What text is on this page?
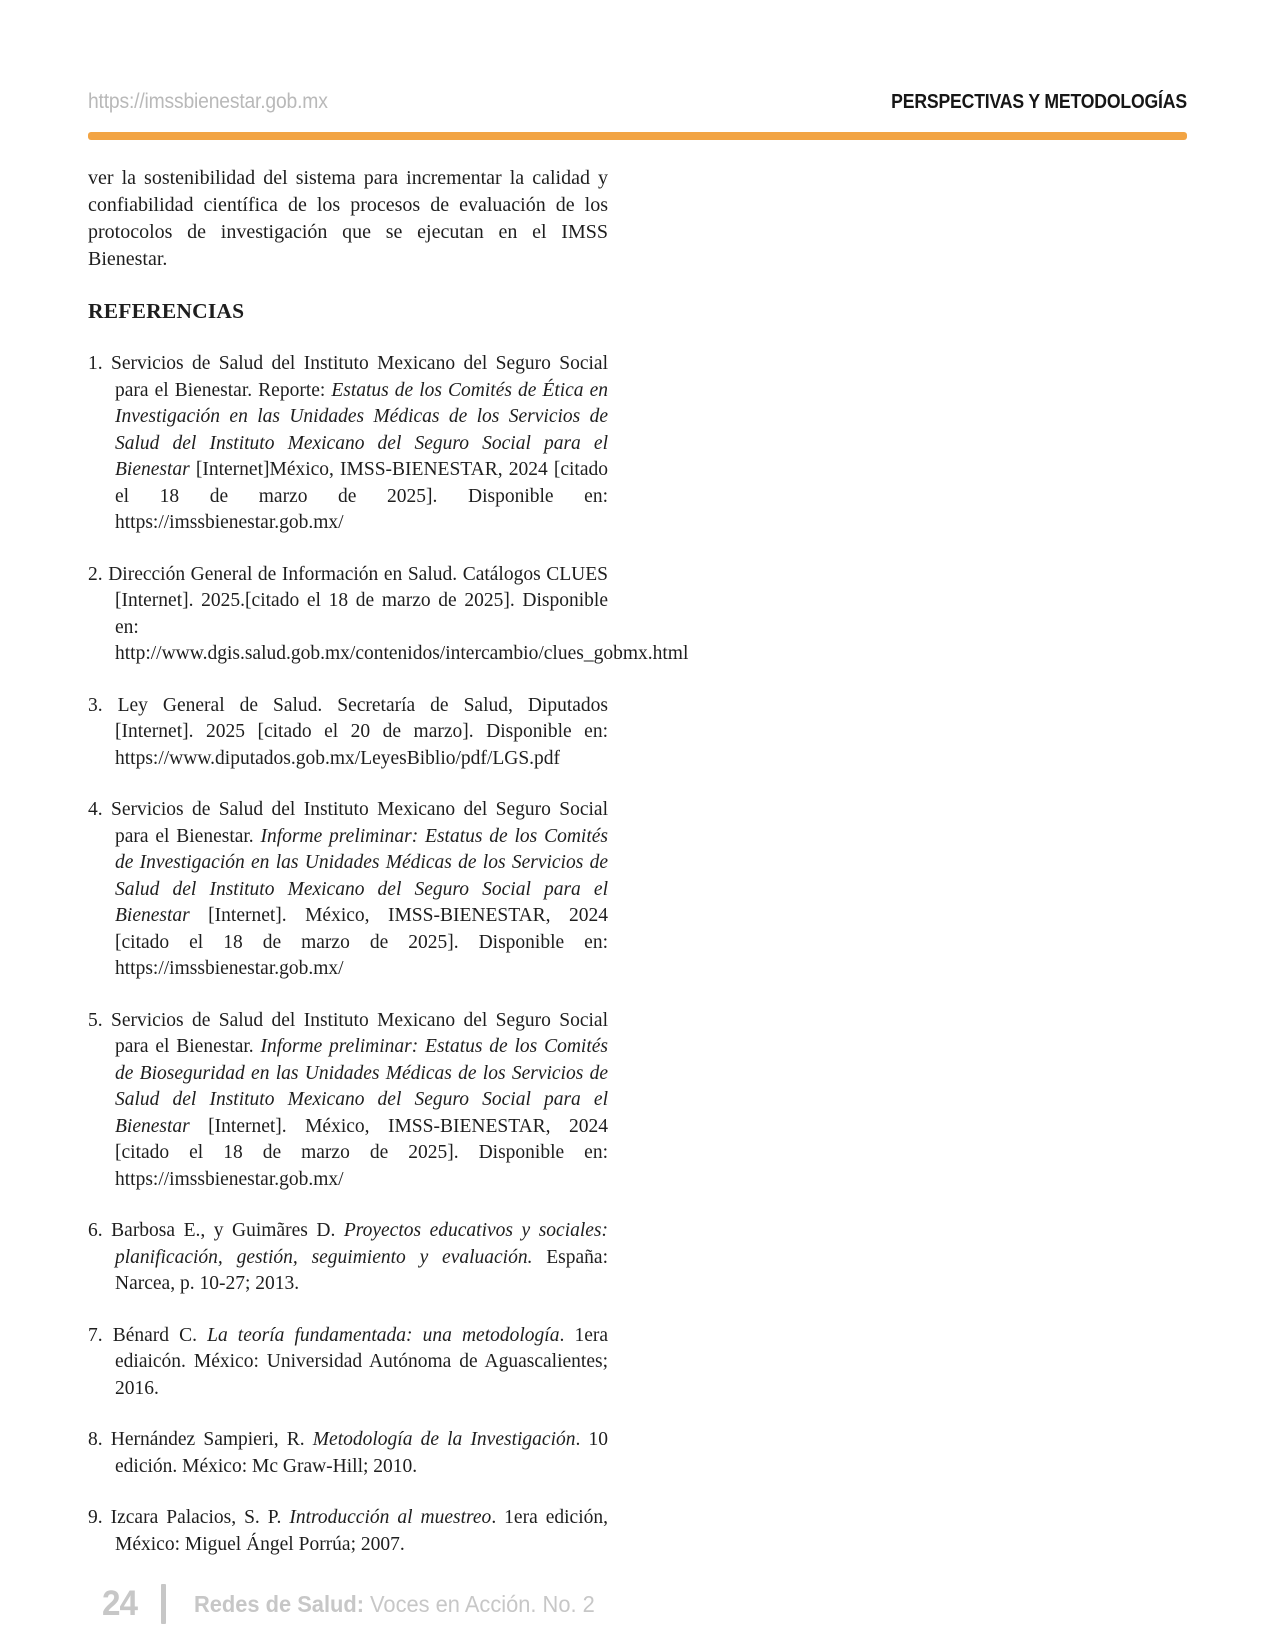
https://imssbienestar.gob.mx	PERSPECTIVAS Y METODOLOGÍAS

ver la sostenibilidad del sistema para incrementar la calidad y confiabilidad científica de los procesos de evaluación de los protocolos de investigación que se ejecutan en el IMSS Bienestar.

REFERENCIAS
1. Servicios de Salud del Instituto Mexicano del Seguro Social para el Bienestar. Reporte: Estatus de los Comités de Ética en Investigación en las Unidades Médicas de los Servicios de Salud del Instituto Mexicano del Seguro Social para el Bienestar [Internet]México, IMSS-BIENESTAR, 2024 [citado el 18 de marzo de 2025]. Disponible en: https://imssbienestar.gob.mx/
2. Dirección General de Información en Salud. Catálogos CLUES [Internet]. 2025.[citado el 18 de marzo de 2025]. Disponible en: http://www.dgis.salud.gob.mx/contenidos/intercambio/clues_gobmx.html
3. Ley General de Salud. Secretaría de Salud, Diputados [Internet]. 2025 [citado el 20 de marzo]. Disponible en: https://www.diputados.gob.mx/LeyesBiblio/pdf/LGS.pdf
4. Servicios de Salud del Instituto Mexicano del Seguro Social para el Bienestar. Informe preliminar: Estatus de los Comités de Investigación en las Unidades Médicas de los Servicios de Salud del Instituto Mexicano del Seguro Social para el Bienestar [Internet]. México, IMSS-BIENESTAR, 2024 [citado el 18 de marzo de 2025]. Disponible en: https://imssbienestar.gob.mx/
5. Servicios de Salud del Instituto Mexicano del Seguro Social para el Bienestar. Informe preliminar: Estatus de los Comités de Bioseguridad en las Unidades Médicas de los Servicios de Salud del Instituto Mexicano del Seguro Social para el Bienestar [Internet]. México, IMSS-BIENESTAR, 2024 [citado el 18 de marzo de 2025]. Disponible en: https://imssbienestar.gob.mx/
6. Barbosa E., y Guimãres D. Proyectos educativos y sociales: planificación, gestión, seguimiento y evaluación. España: Narcea, p. 10-27; 2013.
7. Bénard C. La teoría fundamentada: una metodología. 1era ediaicón. México: Universidad Autónoma de Aguascalientes; 2016.
8. Hernández Sampieri, R. Metodología de la Investigación. 10 edición. México: Mc Graw-Hill; 2010.
9. Izcara Palacios, S. P. Introducción al muestreo. 1era edición, México: Miguel Ángel Porrúa; 2007.
24 Redes de Salud: Voces en Acción. No. 2
